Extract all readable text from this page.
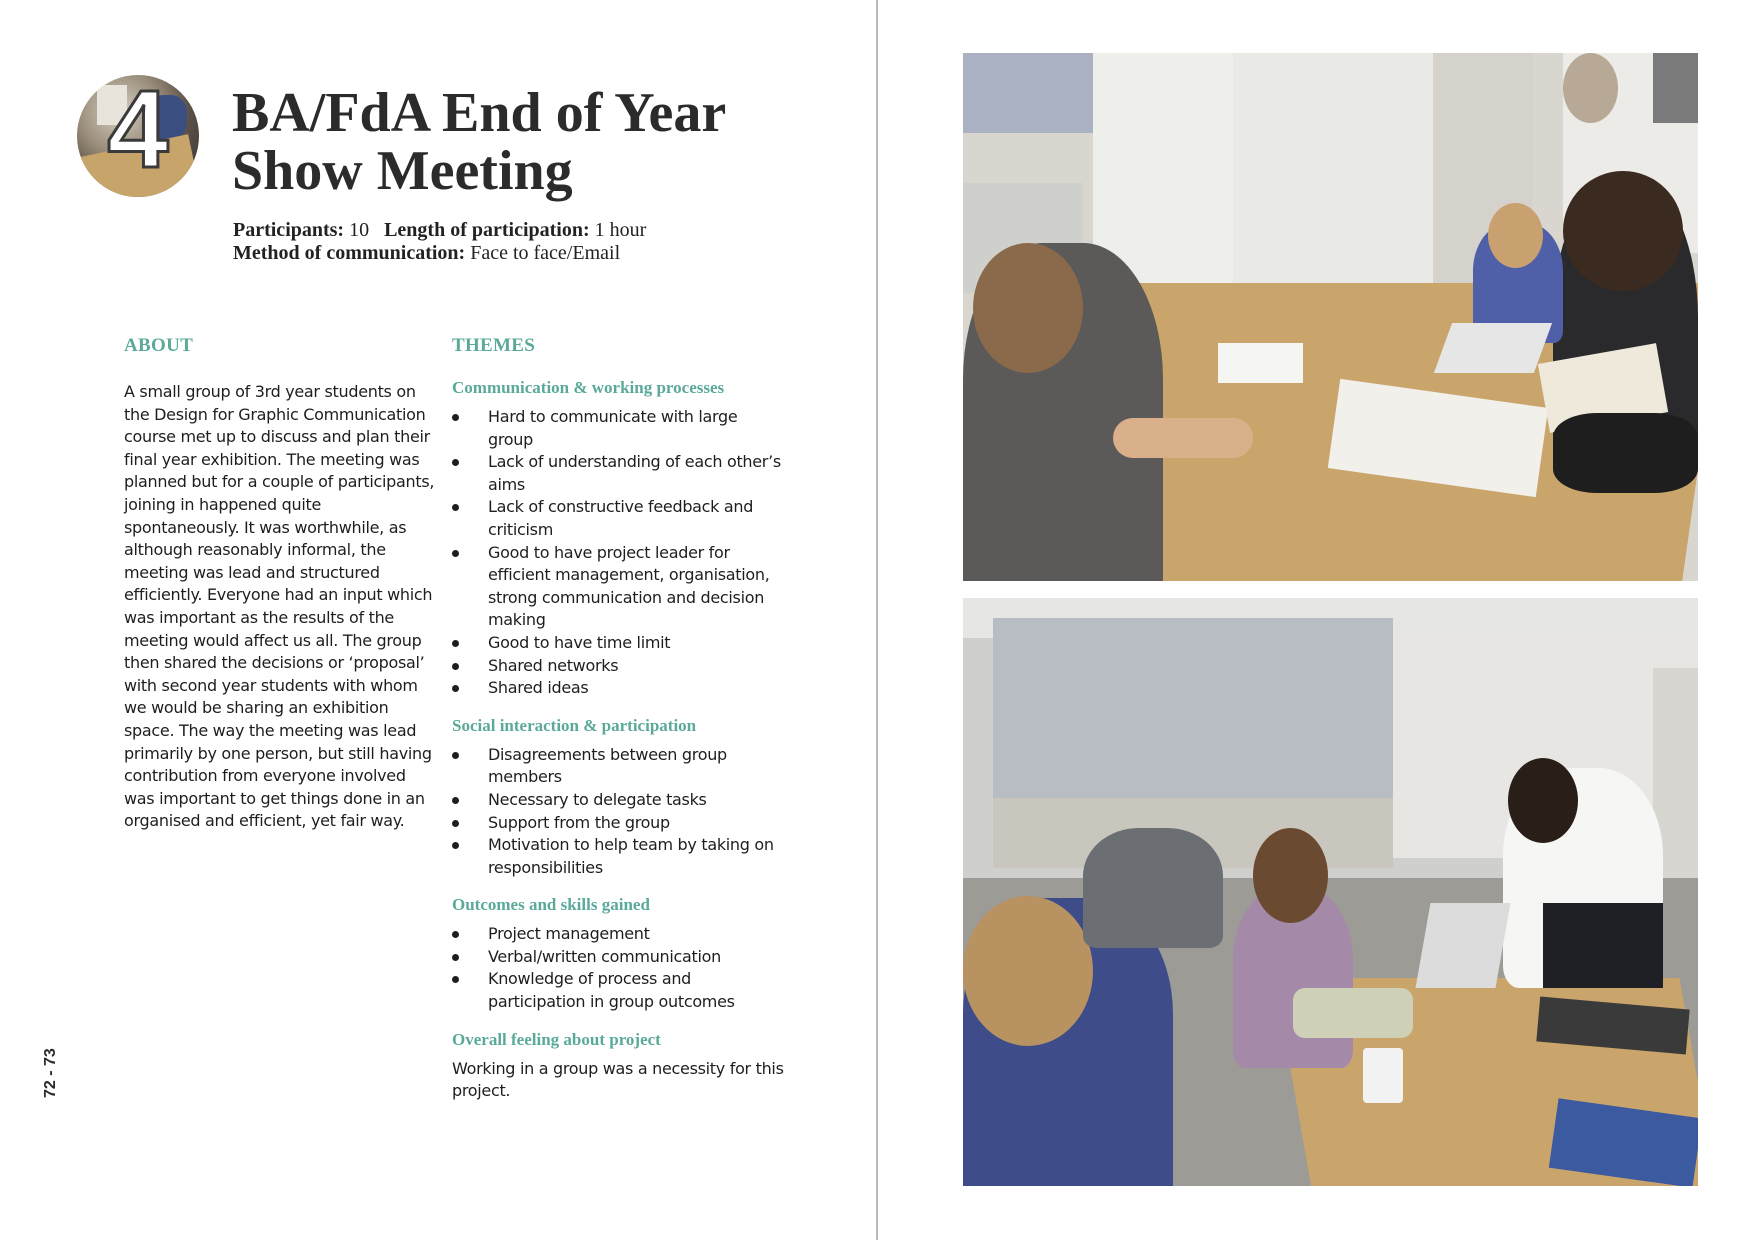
4	BA/FdA End of Year
Show Meeting
Participants: 10 Length of participation: 1 hour
Method of communication: Face to face/Email
ABOUT

A small group of 3rd year students on the Design for Graphic Communication course met up to discuss and plan their final year exhibition. The meeting was planned but for a couple of participants, joining in happened quite spontaneously. It was worthwhile, as although reasonably informal, the meeting was lead and structured efficiently. Everyone had an input which was important as the results of the meeting would affect us all. The group then shared the decisions or ‘proposal’ with second year students with whom we would be sharing an exhibition space. The way the meeting was lead primarily by one person, but still having contribution from everyone involved was important to get things done in an organised and efficient, yet fair way.

THEMES
Communication & working processes
Hard to communicate with large group
Lack of understanding of each other’s aims
Lack of constructive feedback and criticism
Good to have project leader for efficient management, organisation, strong communication and decision making
Good to have time limit
Shared networks
Shared ideas
Social interaction & participation
Disagreements between group members
Necessary to delegate tasks
Support from the group
Motivation to help team by taking on responsibilities
Outcomes and skills gained
Project management
Verbal/written communication
Knowledge of process and participation in group outcomes
Overall feeling about project

Working in a group was a necessity for this project.

72 - 73
